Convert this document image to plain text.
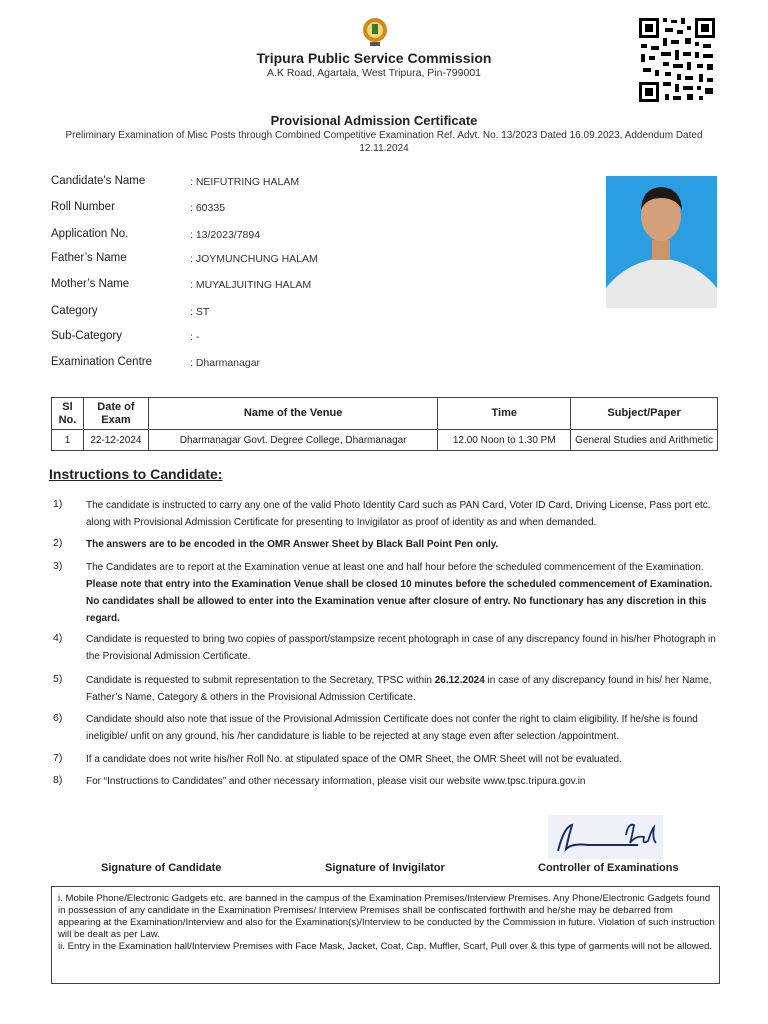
Tripura Public Service Commission
A.K Road, Agartala, West Tripura, Pin-799001
Provisional Admission Certificate
Preliminary Examination of Misc Posts through Combined Competitive Examination Ref. Advt. No. 13/2023 Dated 16.09.2023, Addendum Dated 12.11.2024
Candidate's Name	: NEIFUTRING HALAM
Roll Number	: 60335
Application No.	: 13/2023/7894
Father’s Name	: JOYMUNCHUNG HALAM
Mother’s Name	: MUYALJUITING HALAM
Category	: ST
Sub-Category	: -
Examination Centre	: Dharmanagar
Sl No.	Date of Exam	Name of the Venue	Time	Subject/Paper
1	22-12-2024	Dharmanagar Govt. Degree College, Dharmanagar	12.00 Noon to 1.30 PM	General Studies and Arithmetic
Instructions to Candidate:
1) The candidate is instructed to carry any one of the valid Photo Identity Card such as PAN Card, Voter ID Card, Driving License, Pass port etc. along with Provisional Admission Certificate for presenting to Invigilator as proof of identity as and when demanded.
2) The answers are to be encoded in the OMR Answer Sheet by Black Ball Point Pen only.
3) The Candidates are to report at the Examination venue at least one and half hour before the scheduled commencement of the Examination. Please note that entry into the Examination Venue shall be closed 10 minutes before the scheduled commencement of Examination. No candidates shall be allowed to enter into the Examination venue after closure of entry. No functionary has any discretion in this regard.
4) Candidate is requested to bring two copies of passport/stampsize recent photograph in case of any discrepancy found in his/her Photograph in the Provisional Admission Certificate.
5) Candidate is requested to submit representation to the Secretary, TPSC within 26.12.2024 in case of any discrepancy found in his/ her Name, Father’s Name, Category & others in the Provisional Admission Certificate.
6) Candidate should also note that issue of the Provisional Admission Certificate does not confer the right to claim eligibility. If he/she is found ineligible/ unfit on any ground, his /her candidature is liable to be rejected at any stage even after selection /appointment.
7) If a candidate does not write his/her Roll No. at stipulated space of the OMR Sheet, the OMR Sheet will not be evaluated.
8) For “Instructions to Candidates” and other necessary information, please visit our website www.tpsc.tripura.gov.in
Signature of Candidate	Signature of Invigilator	Controller of Examinations
i. Mobile Phone/Electronic Gadgets etc. are banned in the campus of the Examination Premises/Interview Premises. Any Phone/Electronic Gadgets found in possession of any candidate in the Examination Premises/ Interview Premises shall be confiscated forthwith and he/she may be debarred from appearing at the Examination/Interview and also for the Examination(s)/Interview to be conducted by the Commission in future. Violation of such instruction will be dealt as per Law.
ii. Entry in the Examination hall/Interview Premises with Face Mask, Jacket, Coat, Cap, Muffler, Scarf, Pull over & this type of garments will not be allowed.
